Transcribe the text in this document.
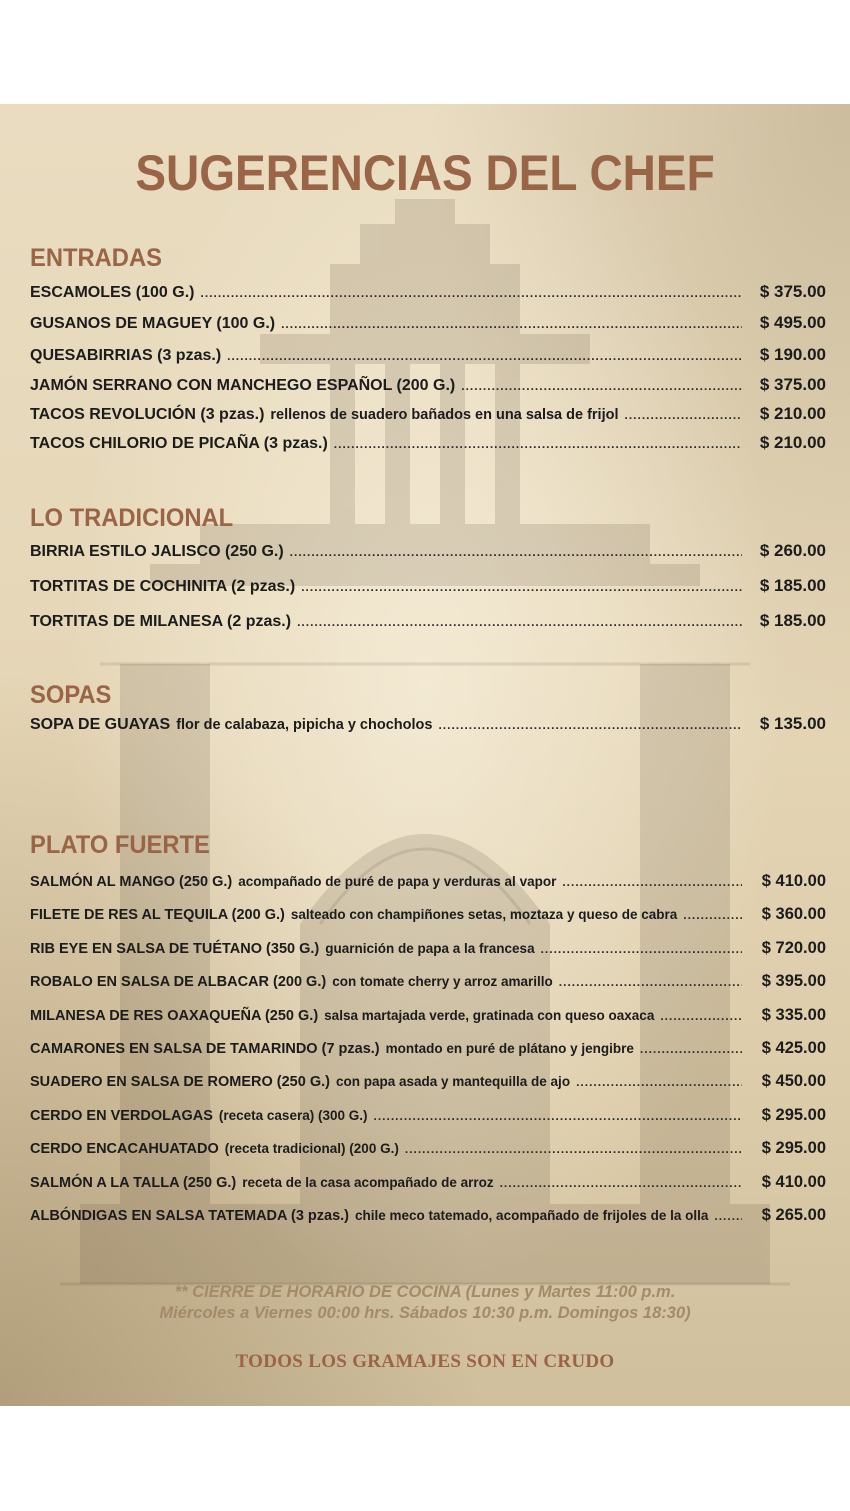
SUGERENCIAS DEL CHEF
ENTRADAS
ESCAMOLES (100 G.) .....	$ 375.00
GUSANOS DE MAGUEY (100 G.) .....	$ 495.00
QUESABIRRIAS (3 pzas.) .....	$ 190.00
JAMÓN SERRANO CON MANCHEGO ESPAÑOL (200 G.) .....	$ 375.00
TACOS REVOLUCIÓN (3 pzas.) rellenos de suadero bañados en una salsa de frijol .....	$ 210.00
TACOS CHILORIO DE PICAÑA (3 pzas.) .....	$ 210.00
LO TRADICIONAL
BIRRIA ESTILO JALISCO (250 G.) .....	$ 260.00
TORTITAS DE COCHINITA (2 pzas.) .....	$ 185.00
TORTITAS DE MILANESA (2 pzas.) .....	$ 185.00
SOPAS
SOPA DE GUAYAS flor de calabaza, pipicha y chocholos .....	$ 135.00
PLATO FUERTE
SALMÓN AL MANGO (250 G.) acompañado de puré de papa y verduras al vapor .....	$ 410.00
FILETE DE RES AL TEQUILA (200 G.) salteado con champiñones setas, moztaza y queso de cabra .....	$ 360.00
RIB EYE EN SALSA DE TUÉTANO (350 G.) guarnición de papa a la francesa .....	$ 720.00
ROBALO EN SALSA DE ALBACAR (200 G.) con tomate cherry y arroz amarillo .....	$ 395.00
MILANESA DE RES OAXAQUEÑA (250 G.) salsa martajada verde, gratinada con queso oaxaca .....	$ 335.00
CAMARONES EN SALSA DE TAMARINDO (7 pzas.) montado en puré de plátano y jengibre .....	$ 425.00
SUADERO EN SALSA DE ROMERO (250 G.) con papa asada y mantequilla de ajo .....	$ 450.00
CERDO EN VERDOLAGAS (receta casera) (300 G.) .....	$ 295.00
CERDO ENCACAHUATADO (receta tradicional) (200 G.) .....	$ 295.00
SALMÓN A LA TALLA (250 G.) receta de la casa acompañado de arroz .....	$ 410.00
ALBÓNDIGAS EN SALSA TATEMADA (3 pzas.) chile meco tatemado, acompañado de frijoles de la olla .....	$ 265.00
** CIERRE DE HORARIO DE COCINA (Lunes y Martes 11:00 p.m.
Miércoles a Viernes 00:00 hrs. Sábados 10:30 p.m. Domingos 18:30)
TODOS LOS GRAMAJES SON EN CRUDO
